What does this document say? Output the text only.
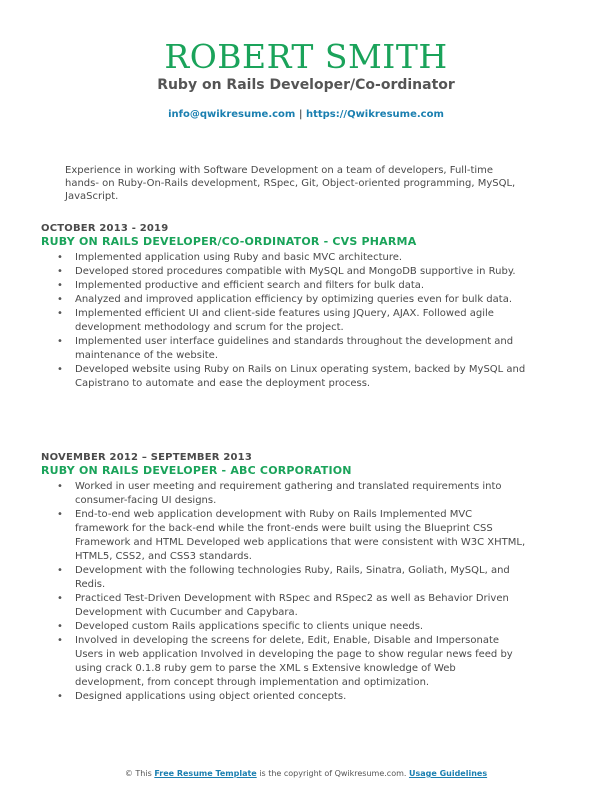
ROBERT SMITH
Ruby on Rails Developer/Co-ordinator
info@qwikresume.com | https://Qwikresume.com
Experience in working with Software Development on a team of developers, Full-time hands- on Ruby-On-Rails development, RSpec, Git, Object-oriented programming, MySQL, JavaScript.
OCTOBER 2013 - 2019
RUBY ON RAILS DEVELOPER/CO-ORDINATOR - CVS PHARMA
• Implemented application using Ruby and basic MVC architecture.
• Developed stored procedures compatible with MySQL and MongoDB supportive in Ruby.
• Implemented productive and efficient search and filters for bulk data.
• Analyzed and improved application efficiency by optimizing queries even for bulk data.
• Implemented efficient UI and client-side features using JQuery, AJAX. Followed agile development methodology and scrum for the project.
• Implemented user interface guidelines and standards throughout the development and maintenance of the website.
• Developed website using Ruby on Rails on Linux operating system, backed by MySQL and Capistrano to automate and ease the deployment process.
NOVEMBER 2012 – SEPTEMBER 2013
RUBY ON RAILS DEVELOPER - ABC CORPORATION
• Worked in user meeting and requirement gathering and translated requirements into consumer-facing UI designs.
• End-to-end web application development with Ruby on Rails Implemented MVC framework for the back-end while the front-ends were built using the Blueprint CSS Framework and HTML Developed web applications that were consistent with W3C XHTML, HTML5, CSS2, and CSS3 standards.
• Development with the following technologies Ruby, Rails, Sinatra, Goliath, MySQL, and Redis.
• Practiced Test-Driven Development with RSpec and RSpec2 as well as Behavior Driven Development with Cucumber and Capybara.
• Developed custom Rails applications specific to clients unique needs.
• Involved in developing the screens for delete, Edit, Enable, Disable and Impersonate Users in web application Involved in developing the page to show regular news feed by using crack 0.1.8 ruby gem to parse the XML s Extensive knowledge of Web development, from concept through implementation and optimization.
• Designed applications using object oriented concepts.
© This Free Resume Template is the copyright of Qwikresume.com. Usage Guidelines
